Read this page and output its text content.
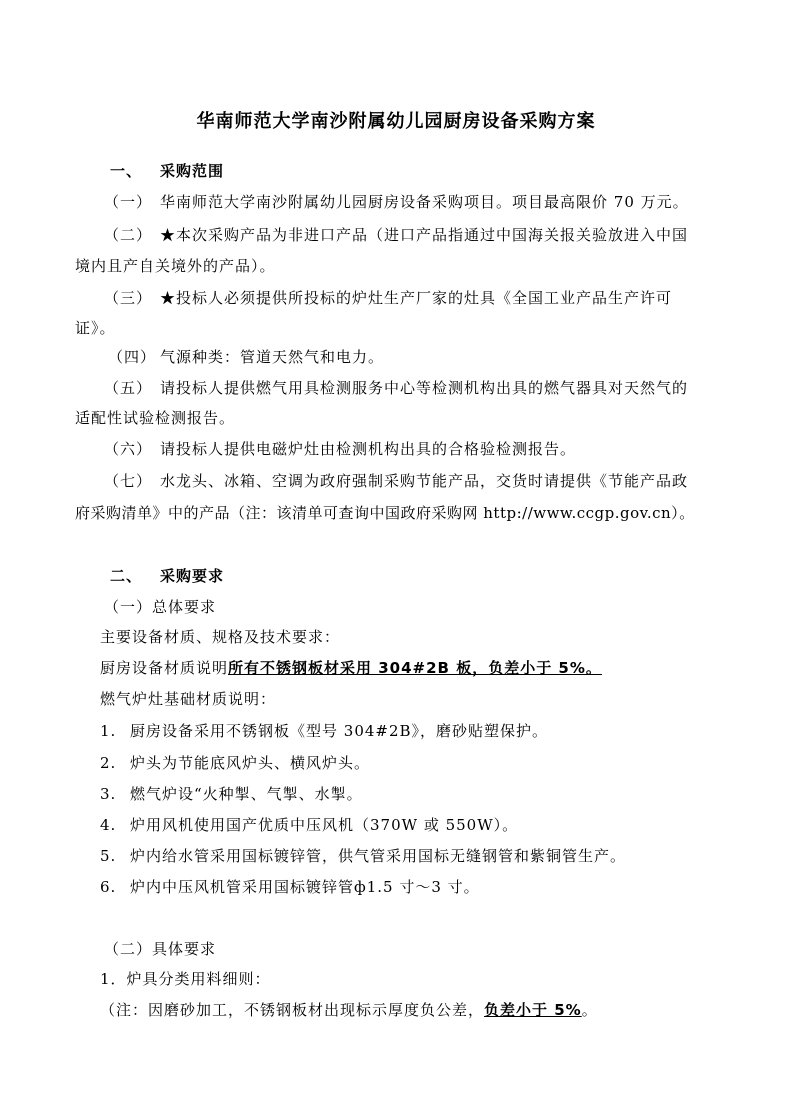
华南师范大学南沙附属幼儿园厨房设备采购方案
一、 采购范围
（一） 华南师范大学南沙附属幼儿园厨房设备采购项目。项目最高限价 70 万元。
（二） ★本次采购产品为非进口产品（进口产品指通过中国海关报关验放进入中国
境内且产自关境外的产品）。
（三） ★投标人必须提供所投标的炉灶生产厂家的灶具《全国工业产品生产许可
证》。
（四） 气源种类：管道天然气和电力。
（五） 请投标人提供燃气用具检测服务中心等检测机构出具的燃气器具对天然气的
适配性试验检测报告。
（六） 请投标人提供电磁炉灶由检测机构出具的合格验检测报告。
（七） 水龙头、冰箱、空调为政府强制采购节能产品，交货时请提供《节能产品政
府采购清单》中的产品（注：该清单可查询中国政府采购网 http://www.ccgp.gov.cn）。
二、 采购要求
（一）总体要求
主要设备材质、规格及技术要求：
厨房设备材质说明所有不锈钢板材采用 304#2B 板，负差小于 5%。
燃气炉灶基础材质说明：
1. 厨房设备采用不锈钢板《型号 304#2B》，磨砂贴塑保护。
2. 炉头为节能底风炉头、横风炉头。
3. 燃气炉设“火种掣、气掣、水掣。
4. 炉用风机使用国产优质中压风机（370W 或 550W）。
5. 炉内给水管采用国标镀锌管，供气管采用国标无缝钢管和紫铜管生产。
6. 炉内中压风机管采用国标镀锌管ф1.5 寸～3 寸。
（二）具体要求
1．炉具分类用料细则：
（注：因磨砂加工，不锈钢板材出现标示厚度负公差，负差小于 5%。
